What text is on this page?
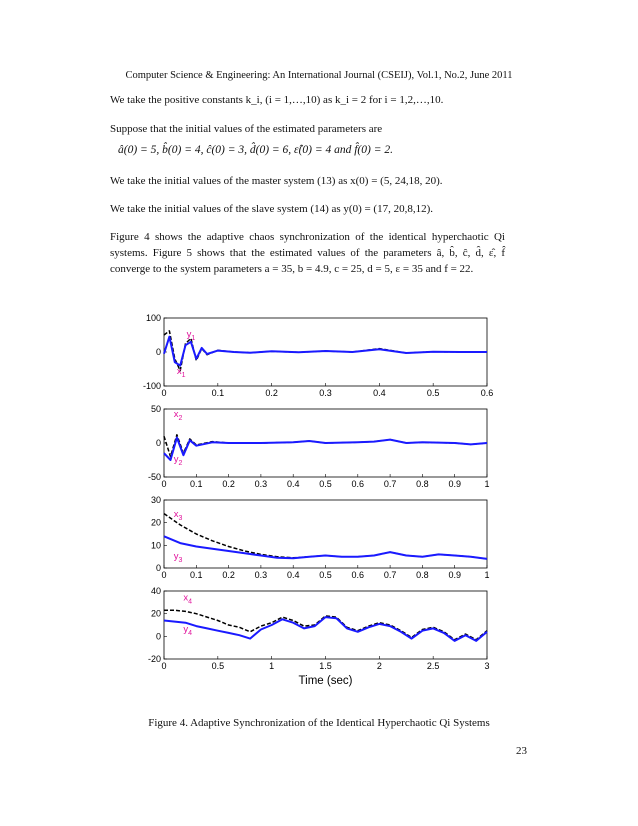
Computer Science & Engineering: An International Journal (CSEIJ), Vol.1, No.2, June 2011
We take the positive constants k_i, (i = 1,…,10) as k_i = 2 for i = 1,2,…,10.
Suppose that the initial values of the estimated parameters are
â(0) = 5, b̂(0) = 4, ĉ(0) = 3, d̂(0) = 6, ε̂(0) = 4 and f̂(0) = 2.
We take the initial values of the master system (13) as x(0) = (5, 24,18, 20).
We take the initial values of the slave system (14) as y(0) = (17, 20,8,12).
Figure 4 shows the adaptive chaos synchronization of the identical hyperchaotic Qi systems. Figure 5 shows that the estimated values of the parameters â, b̂, ĉ, d̂, ε̂, f̂ converge to the system parameters a = 35, b = 4.9, c = 25, d = 5, ε = 35 and f = 22.
0	0.1	0.2	0.3	0.4	0.5	0.6
100
0
-100
$y_1$
$x_1$
0	0.1 0.2 0.3 0.4 0.5 0.6 0.7 0.8 0.9	1
50
0
-50
$x_2$
$y_2$
0	0.1 0.2 0.3 0.4 0.5 0.6 0.7 0.8 0.9	1
30
20
10
0
$x_3$
$y_3$
0	0.5	1	1.5	2	2.5	3
40
20
0
-20
$x_4$
$y_4$
Time (sec)
Figure 4. Adaptive Synchronization of the Identical Hyperchaotic Qi Systems
23
